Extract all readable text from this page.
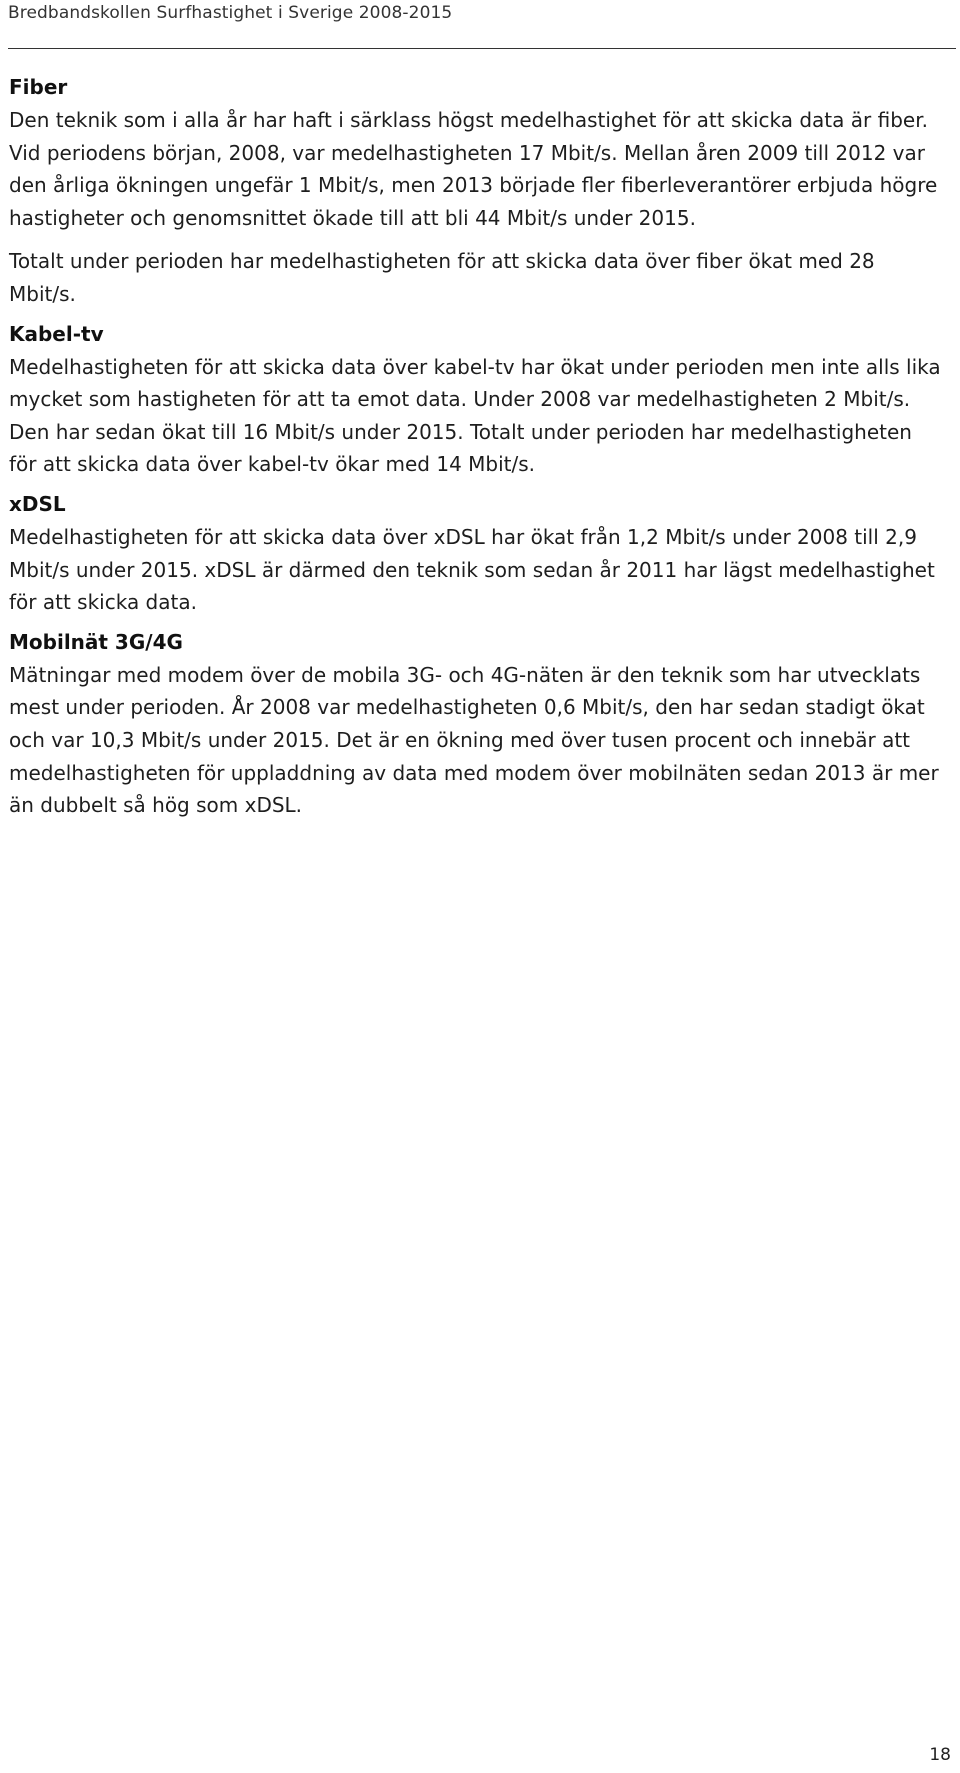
Bredbandskollen Surfhastighet i Sverige 2008-2015
Fiber

Den teknik som i alla år har haft i särklass högst medelhastighet för att skicka data är fiber. Vid periodens början, 2008, var medelhastigheten 17 Mbit/s. Mellan åren 2009 till 2012 var den årliga ökningen ungefär 1 Mbit/s, men 2013 började fler fiberleverantörer erbjuda högre hastigheter och genomsnittet ökade till att bli 44 Mbit/s under 2015.

Totalt under perioden har medelhastigheten för att skicka data över fiber ökat med 28 Mbit/s.

Kabel-tv

Medelhastigheten för att skicka data över kabel-tv har ökat under perioden men inte alls lika mycket som hastigheten för att ta emot data. Under 2008 var medelhastigheten 2 Mbit/s. Den har sedan ökat till 16 Mbit/s under 2015. Totalt under perioden har medelhastigheten för att skicka data över kabel-tv ökar med 14 Mbit/s.

xDSL

Medelhastigheten för att skicka data över xDSL har ökat från 1,2 Mbit/s under 2008 till 2,9 Mbit/s under 2015. xDSL är därmed den teknik som sedan år 2011 har lägst medelhastighet för att skicka data.

Mobilnät 3G/4G

Mätningar med modem över de mobila 3G- och 4G-näten är den teknik som har utvecklats mest under perioden. År 2008 var medelhastigheten 0,6 Mbit/s, den har sedan stadigt ökat och var 10,3 Mbit/s under 2015. Det är en ökning med över tusen procent och innebär att medelhastigheten för uppladdning av data med modem över mobilnäten sedan 2013 är mer än dubbelt så hög som xDSL.

18
